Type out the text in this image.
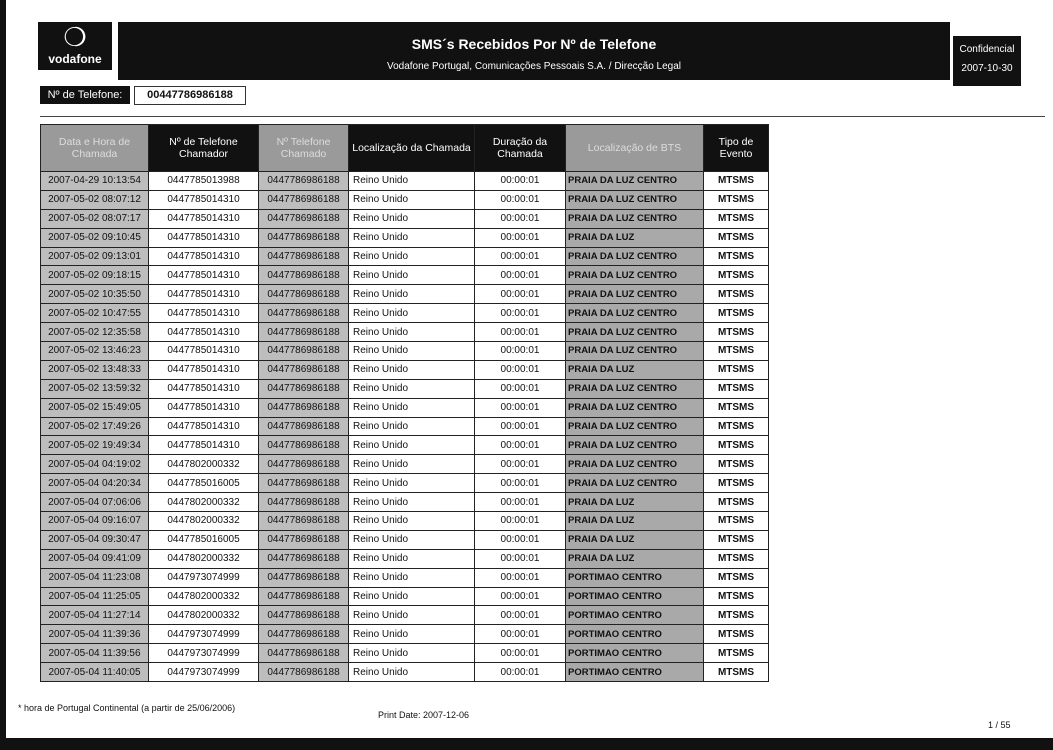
❍
vodafone
SMS´s Recebidos Por Nº de Telefone
Vodafone Portugal, Comunicações Pessoais S.A. / Direcção Legal
Confidencial
2007-10-30
Nº de Telefone:	00447786986188
Data e Hora de Chamada	Nº de Telefone Chamador	Nº Telefone Chamado	Localização da Chamada	Duração da Chamada	Localização de BTS	Tipo de Evento
2007-04-29 10:13:54	0447785013988	0447786986188	Reino Unido	00:00:01	PRAIA DA LUZ CENTRO	MTSMS
2007-05-02 08:07:12	0447785014310	0447786986188	Reino Unido	00:00:01	PRAIA DA LUZ CENTRO	MTSMS
2007-05-02 08:07:17	0447785014310	0447786986188	Reino Unido	00:00:01	PRAIA DA LUZ CENTRO	MTSMS
2007-05-02 09:10:45	0447785014310	0447786986188	Reino Unido	00:00:01	PRAIA DA LUZ	MTSMS
2007-05-02 09:13:01	0447785014310	0447786986188	Reino Unido	00:00:01	PRAIA DA LUZ CENTRO	MTSMS
2007-05-02 09:18:15	0447785014310	0447786986188	Reino Unido	00:00:01	PRAIA DA LUZ CENTRO	MTSMS
2007-05-02 10:35:50	0447785014310	0447786986188	Reino Unido	00:00:01	PRAIA DA LUZ CENTRO	MTSMS
2007-05-02 10:47:55	0447785014310	0447786986188	Reino Unido	00:00:01	PRAIA DA LUZ CENTRO	MTSMS
2007-05-02 12:35:58	0447785014310	0447786986188	Reino Unido	00:00:01	PRAIA DA LUZ CENTRO	MTSMS
2007-05-02 13:46:23	0447785014310	0447786986188	Reino Unido	00:00:01	PRAIA DA LUZ CENTRO	MTSMS
2007-05-02 13:48:33	0447785014310	0447786986188	Reino Unido	00:00:01	PRAIA DA LUZ	MTSMS
2007-05-02 13:59:32	0447785014310	0447786986188	Reino Unido	00:00:01	PRAIA DA LUZ CENTRO	MTSMS
2007-05-02 15:49:05	0447785014310	0447786986188	Reino Unido	00:00:01	PRAIA DA LUZ CENTRO	MTSMS
2007-05-02 17:49:26	0447785014310	0447786986188	Reino Unido	00:00:01	PRAIA DA LUZ CENTRO	MTSMS
2007-05-02 19:49:34	0447785014310	0447786986188	Reino Unido	00:00:01	PRAIA DA LUZ CENTRO	MTSMS
2007-05-04 04:19:02	0447802000332	0447786986188	Reino Unido	00:00:01	PRAIA DA LUZ CENTRO	MTSMS
2007-05-04 04:20:34	0447785016005	0447786986188	Reino Unido	00:00:01	PRAIA DA LUZ CENTRO	MTSMS
2007-05-04 07:06:06	0447802000332	0447786986188	Reino Unido	00:00:01	PRAIA DA LUZ	MTSMS
2007-05-04 09:16:07	0447802000332	0447786986188	Reino Unido	00:00:01	PRAIA DA LUZ	MTSMS
2007-05-04 09:30:47	0447785016005	0447786986188	Reino Unido	00:00:01	PRAIA DA LUZ	MTSMS
2007-05-04 09:41:09	0447802000332	0447786986188	Reino Unido	00:00:01	PRAIA DA LUZ	MTSMS
2007-05-04 11:23:08	0447973074999	0447786986188	Reino Unido	00:00:01	PORTIMAO CENTRO	MTSMS
2007-05-04 11:25:05	0447802000332	0447786986188	Reino Unido	00:00:01	PORTIMAO CENTRO	MTSMS
2007-05-04 11:27:14	0447802000332	0447786986188	Reino Unido	00:00:01	PORTIMAO CENTRO	MTSMS
2007-05-04 11:39:36	0447973074999	0447786986188	Reino Unido	00:00:01	PORTIMAO CENTRO	MTSMS
2007-05-04 11:39:56	0447973074999	0447786986188	Reino Unido	00:00:01	PORTIMAO CENTRO	MTSMS
2007-05-04 11:40:05	0447973074999	0447786986188	Reino Unido	00:00:01	PORTIMAO CENTRO	MTSMS
* hora de Portugal Continental (a partir de 25/06/2006)
Print Date: 2007-12-06
1 / 55
